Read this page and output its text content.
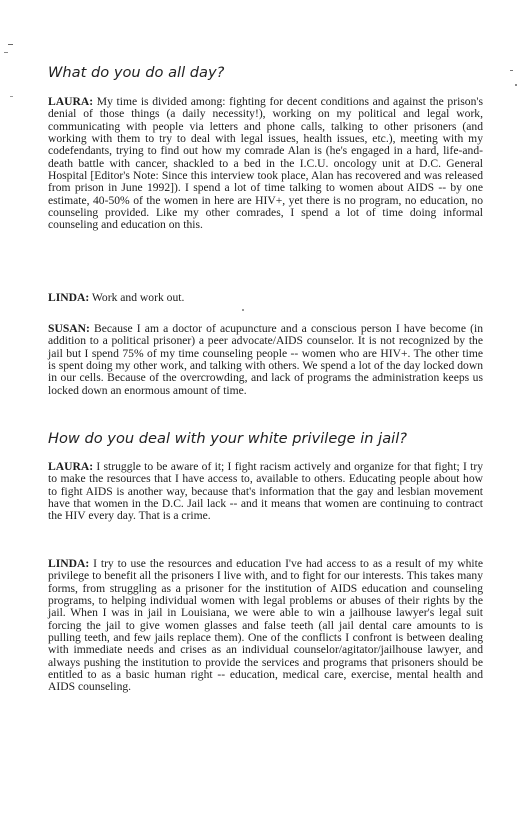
What do you do all day?

LAURA: My time is divided among: fighting for decent conditions and against the prison's denial of those things (a daily necessity!), working on my political and legal work, communicating with people via letters and phone calls, talking to other prisoners (and working with them to try to deal with legal issues, health issues, etc.), meeting with my codefendants, trying to find out how my comrade Alan is (he's engaged in a hard, life-and-death battle with cancer, shackled to a bed in the I.C.U. oncology unit at D.C. General Hospital [Editor's Note: Since this interview took place, Alan has recovered and was released from prison in June 1992]). I spend a lot of time talking to women about AIDS -- by one estimate, 40-50% of the women in here are HIV+, yet there is no program, no education, no counseling provided. Like my other comrades, I spend a lot of time doing informal counseling and education on this.

LINDA: Work and work out.

SUSAN: Because I am a doctor of acupuncture and a conscious person I have become (in addition to a political prisoner) a peer advocate/AIDS counselor. It is not recognized by the jail but I spend 75% of my time counseling people -- women who are HIV+. The other time is spent doing my other work, and talking with others. We spend a lot of the day locked down in our cells. Because of the overcrowding, and lack of programs the administration keeps us locked down an enormous amount of time.

How do you deal with your white privilege in jail?

LAURA: I struggle to be aware of it; I fight racism actively and organize for that fight; I try to make the resources that I have access to, available to others. Educating people about how to fight AIDS is another way, because that's information that the gay and lesbian movement have that women in the D.C. Jail lack -- and it means that women are continuing to contract the HIV every day. That is a crime.

LINDA: I try to use the resources and education I've had access to as a result of my white privilege to benefit all the prisoners I live with, and to fight for our interests. This takes many forms, from struggling as a prisoner for the institution of AIDS education and counseling programs, to helping individual women with legal problems or abuses of their rights by the jail. When I was in jail in Louisiana, we were able to win a jailhouse lawyer's legal suit forcing the jail to give women glasses and false teeth (all jail dental care amounts to is pulling teeth, and few jails replace them). One of the conflicts I confront is between dealing with immediate needs and crises as an individual counselor/agitator/jailhouse lawyer, and always pushing the institution to provide the services and programs that prisoners should be entitled to as a basic human right -- education, medical care, exercise, mental health and AIDS counseling.
